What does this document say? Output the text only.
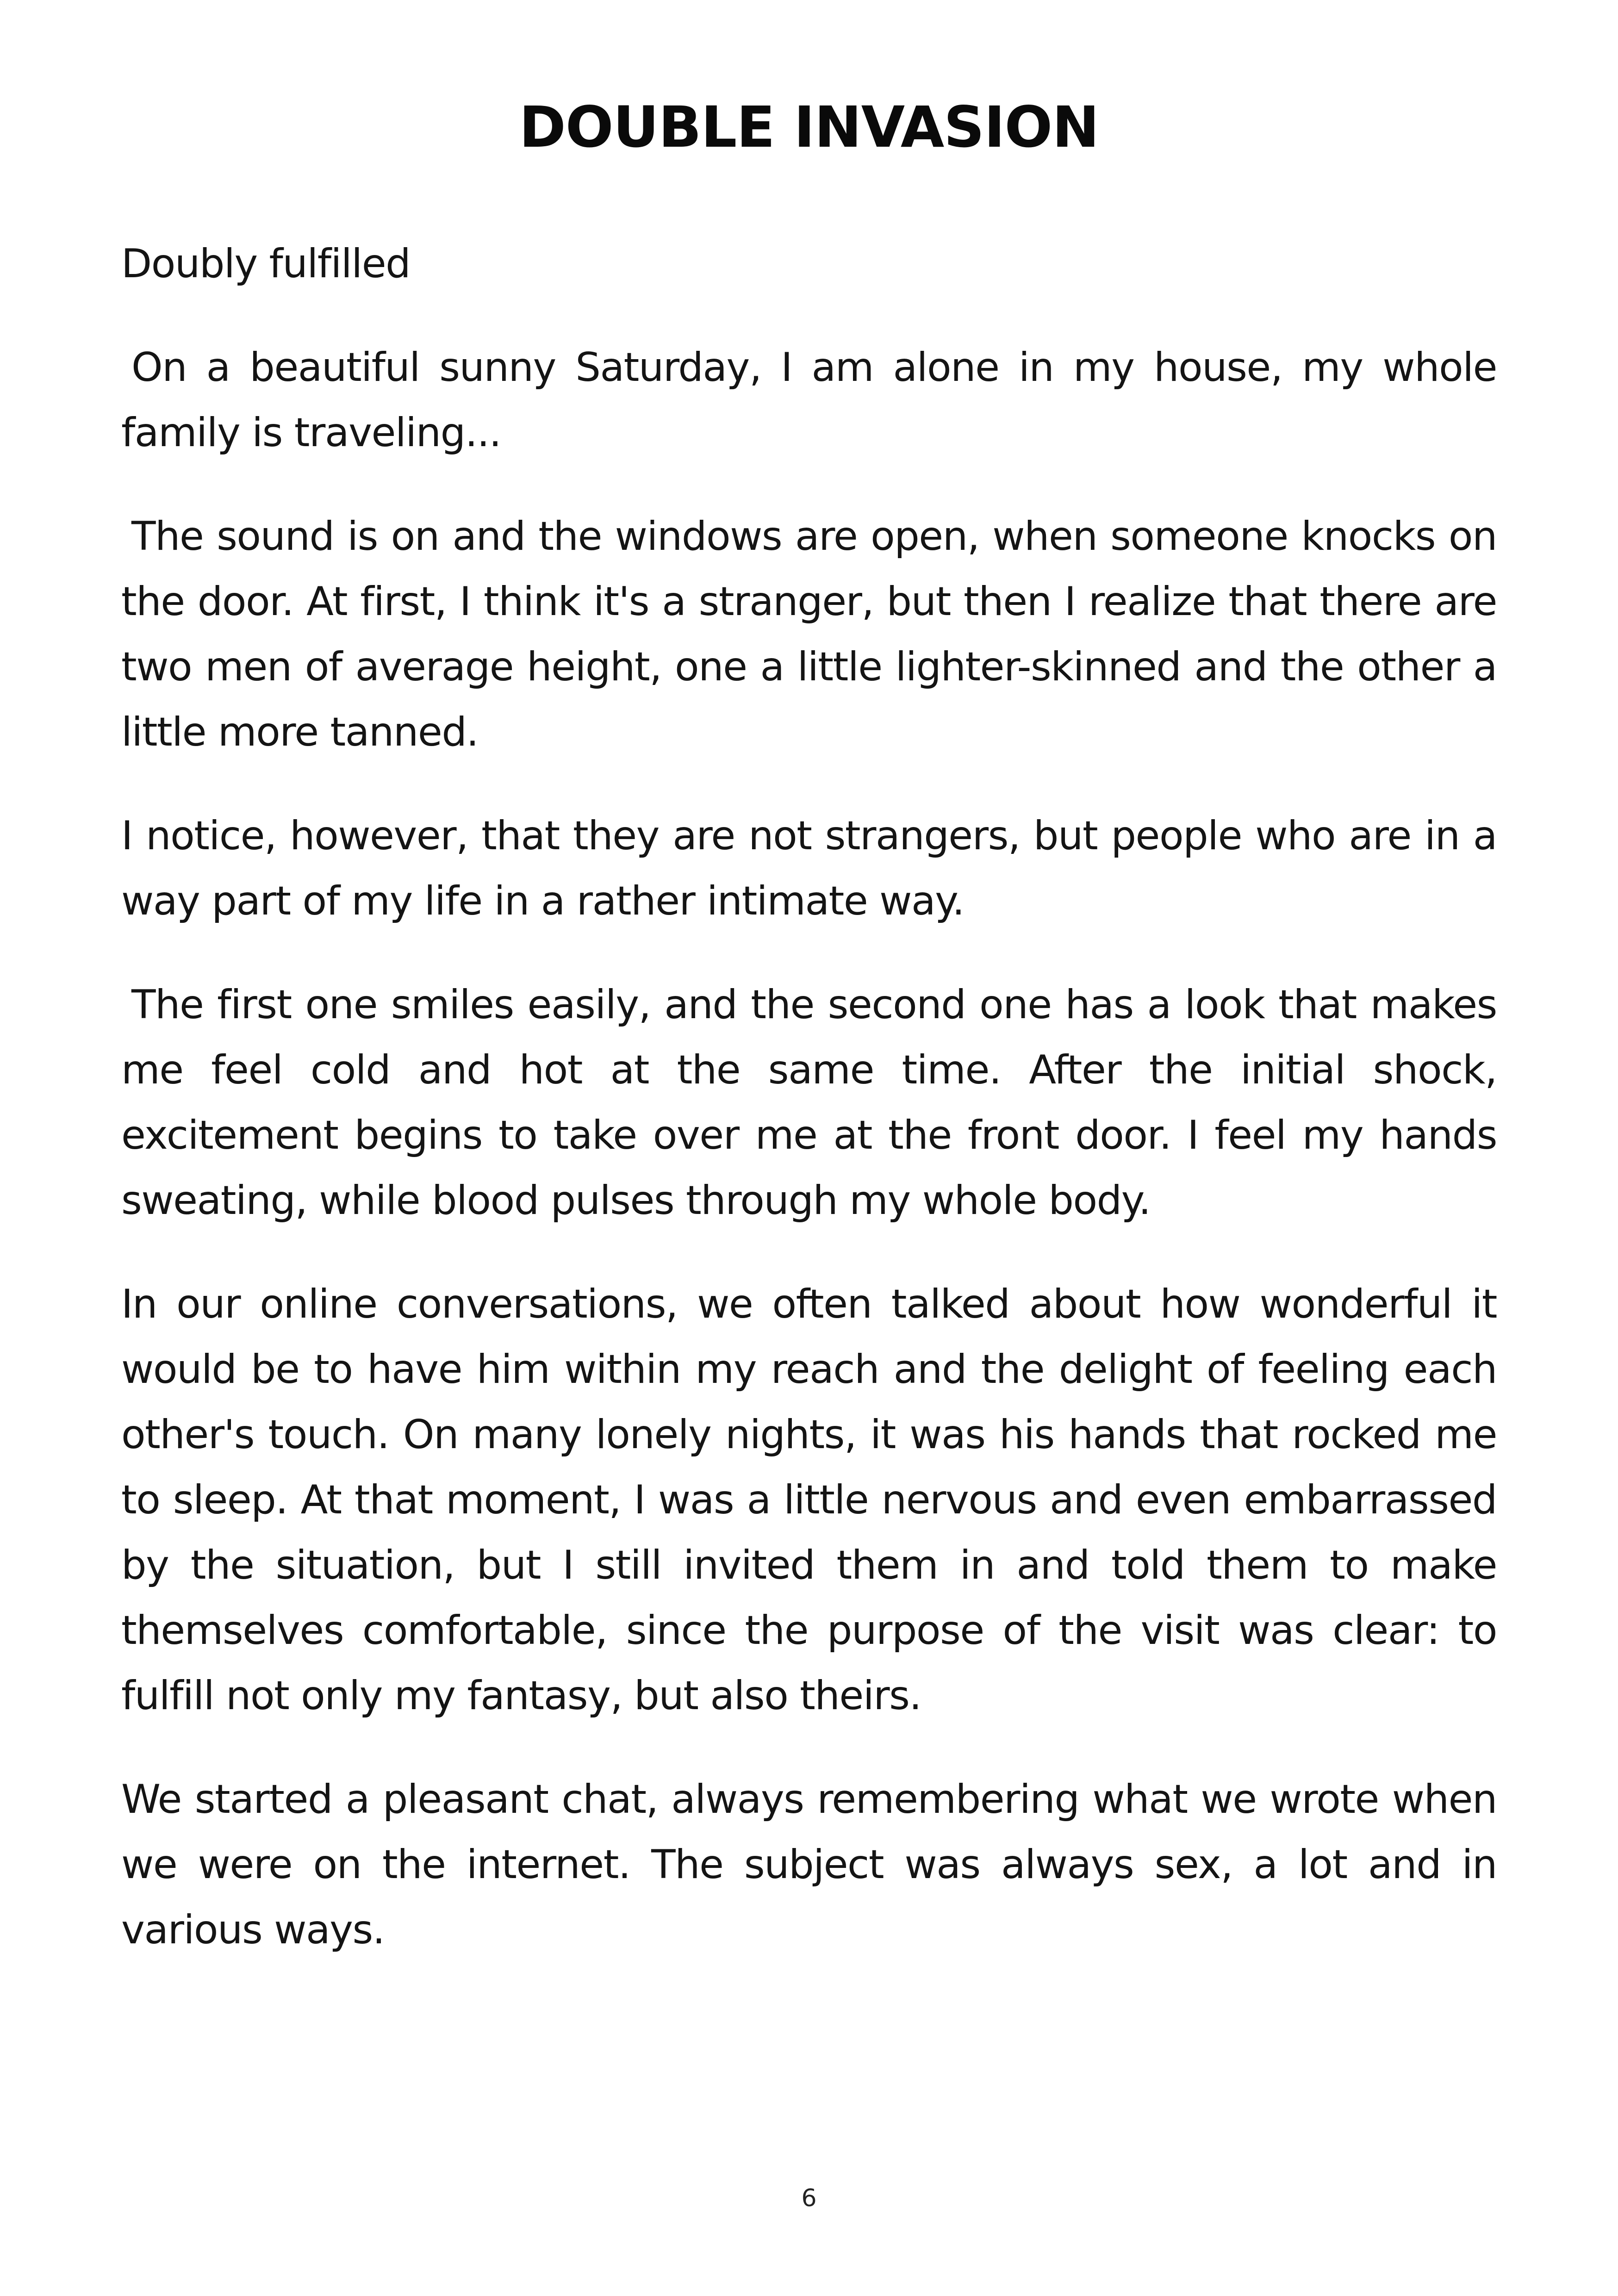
DOUBLE INVASION

Doubly fulfilled

On a beautiful sunny Saturday, I am alone in my house, my whole family is traveling...

The sound is on and the windows are open, when someone knocks on the door. At first, I think it's a stranger, but then I realize that there are two men of average height, one a little lighter-skinned and the other a little more tanned.

I notice, however, that they are not strangers, but people who are in a way part of my life in a rather intimate way.

The first one smiles easily, and the second one has a look that makes me feel cold and hot at the same time. After the initial shock, excitement begins to take over me at the front door. I feel my hands sweating, while blood pulses through my whole body.

In our online conversations, we often talked about how wonderful it would be to have him within my reach and the delight of feeling each other's touch. On many lonely nights, it was his hands that rocked me to sleep. At that moment, I was a little nervous and even embarrassed by the situation, but I still invited them in and told them to make themselves comfortable, since the purpose of the visit was clear: to fulfill not only my fantasy, but also theirs.

We started a pleasant chat, always remembering what we wrote when we were on the internet. The subject was always sex, a lot and in various ways.

6
